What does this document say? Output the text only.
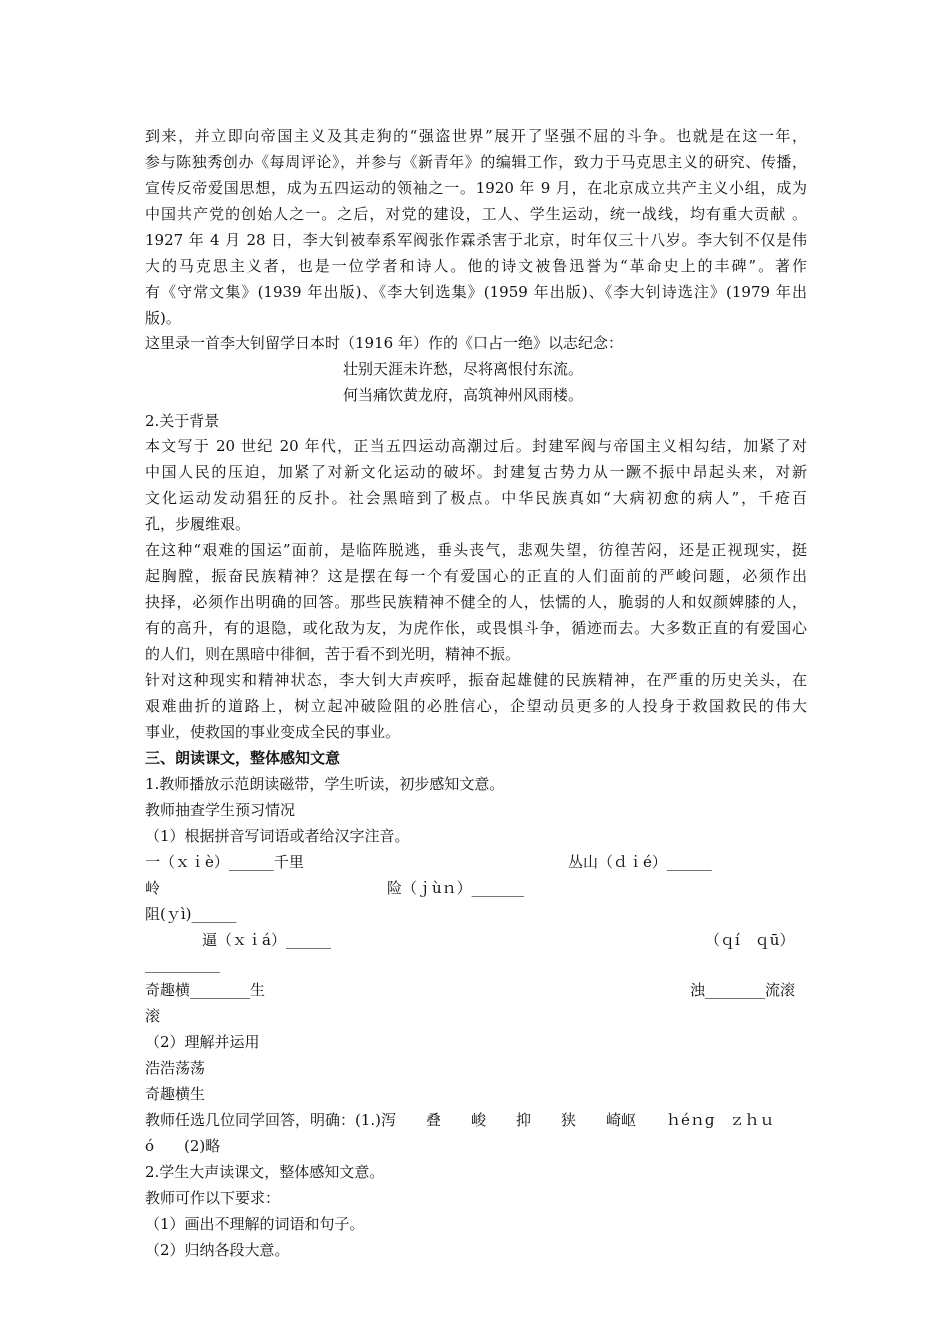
到来，并立即向帝国主义及其走狗的“强盗世界”展开了坚强不屈的斗争。也就是在这一年，
参与陈独秀创办《每周评论》，并参与《新青年》的编辑工作，致力于马克思主义的研究、传播，
宣传反帝爱国思想，成为五四运动的领袖之一。1920 年 9 月，在北京成立共产主义小组，成为
中国共产党的创始人之一。之后，对党的建设，工人、学生运动，统一战线，均有重大贡献 。
1927 年 4 月 28 日，李大钊被奉系军阀张作霖杀害于北京，时年仅三十八岁。李大钊不仅是伟
大的马克思主义者，也是一位学者和诗人。他的诗文被鲁迅誉为“革命史上的丰碑”。著作
有《守常文集》(1939 年出版)、《李大钊选集》(1959 年出版)、《李大钊诗选注》(1979 年出
版)。
这里录一首李大钊留学日本时（1916 年）作的《口占一绝》以志纪念：
壮别天涯未许愁，尽将离恨付东流。
何当痛饮黄龙府，高筑神州风雨楼。
2.关于背景
本文写于 20 世纪 20 年代，正当五四运动高潮过后。封建军阀与帝国主义相勾结，加紧了对
中国人民的压迫，加紧了对新文化运动的破坏。封建复古势力从一蹶不振中昂起头来，对新
文化运动发动猖狂的反扑。社会黑暗到了极点。中华民族真如“大病初愈的病人”，千疮百
孔，步履维艰。
在这种“艰难的国运”面前，是临阵脱逃，垂头丧气，悲观失望，彷徨苦闷，还是正视现实，挺
起胸膛，振奋民族精神？这是摆在每一个有爱国心的正直的人们面前的严峻问题，必须作出
抉择，必须作出明确的回答。那些民族精神不健全的人，怯懦的人，脆弱的人和奴颜婢膝的人，
有的高升，有的退隐，或化敌为友，为虎作伥，或畏惧斗争，循迹而去。大多数正直的有爱国心
的人们，则在黑暗中徘徊，苦于看不到光明，精神不振。
针对这种现实和精神状态，李大钊大声疾呼，振奋起雄健的民族精神，在严重的历史关头，在
艰难曲折的道路上，树立起冲破险阻的必胜信心，企望动员更多的人投身于救国救民的伟大
事业，使救国的事业变成全民的事业。
三、朗读课文，整体感知文意
1.教师播放示范朗读磁带，学生听读，初步感知文意。
教师抽查学生预习情况
（1）根据拼音写词语或者给汉字注音。
一（ｘｉè）______千里	丛山（ｄｉé）______
岭	险（ｊùｎ）_______
阻(ｙì)______
逼（ｘｉá）______	（ｑí　ｑū）
__________
奇趣横________生	浊________流滚
滚
（2）理解并运用
浩浩荡荡
奇趣横生
教师任选几位同学回答，明确：(1.)泻　　叠　　峻　　抑　　狭　　崎岖　　ｈéｎɡ　ｚｈｕ
ó　　(2)略
2.学生大声读课文，整体感知文意。
教师可作以下要求：
（1）画出不理解的词语和句子。
（2）归纳各段大意。
